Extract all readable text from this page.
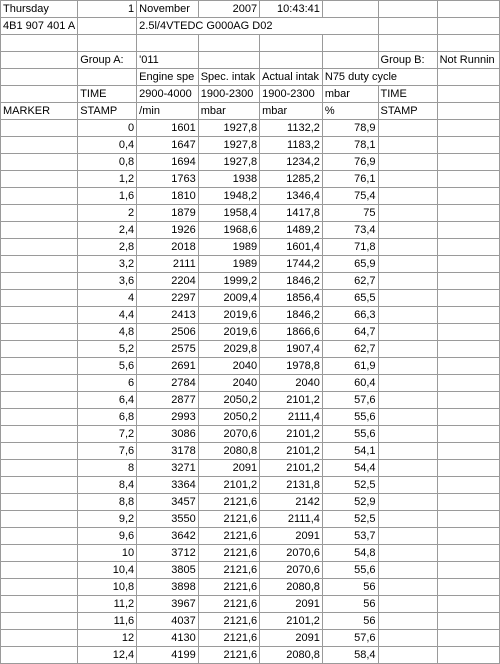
Thursday	1	November	2007	10:43:41			
4B1 907 401 A		2.5l/4VTEDC G000AG D02					

	Group A:	'011				Group B:	Not Runnin
		Engine spe	Spec. intak	Actual intak	N75 duty cycle		
	TIME	2900-4000	1900-2300	1900-2300	mbar	TIME	
MARKER	STAMP	/min	mbar	mbar	%	STAMP	
	0	1601	1927,8	1132,2	78,9		
	0,4	1647	1927,8	1183,2	78,1		
	0,8	1694	1927,8	1234,2	76,9		
	1,2	1763	1938	1285,2	76,1		
	1,6	1810	1948,2	1346,4	75,4		
	2	1879	1958,4	1417,8	75		
	2,4	1926	1968,6	1489,2	73,4		
	2,8	2018	1989	1601,4	71,8		
	3,2	2111	1989	1744,2	65,9		
	3,6	2204	1999,2	1846,2	62,7		
	4	2297	2009,4	1856,4	65,5		
	4,4	2413	2019,6	1846,2	66,3		
	4,8	2506	2019,6	1866,6	64,7		
	5,2	2575	2029,8	1907,4	62,7		
	5,6	2691	2040	1978,8	61,9		
	6	2784	2040	2040	60,4		
	6,4	2877	2050,2	2101,2	57,6		
	6,8	2993	2050,2	2111,4	55,6		
	7,2	3086	2070,6	2101,2	55,6		
	7,6	3178	2080,8	2101,2	54,1		
	8	3271	2091	2101,2	54,4		
	8,4	3364	2101,2	2131,8	52,5		
	8,8	3457	2121,6	2142	52,9		
	9,2	3550	2121,6	2111,4	52,5		
	9,6	3642	2121,6	2091	53,7		
	10	3712	2121,6	2070,6	54,8		
	10,4	3805	2121,6	2070,6	55,6		
	10,8	3898	2121,6	2080,8	56		
	11,2	3967	2121,6	2091	56		
	11,6	4037	2121,6	2101,2	56		
	12	4130	2121,6	2091	57,6		
	12,4	4199	2121,6	2080,8	58,4		
